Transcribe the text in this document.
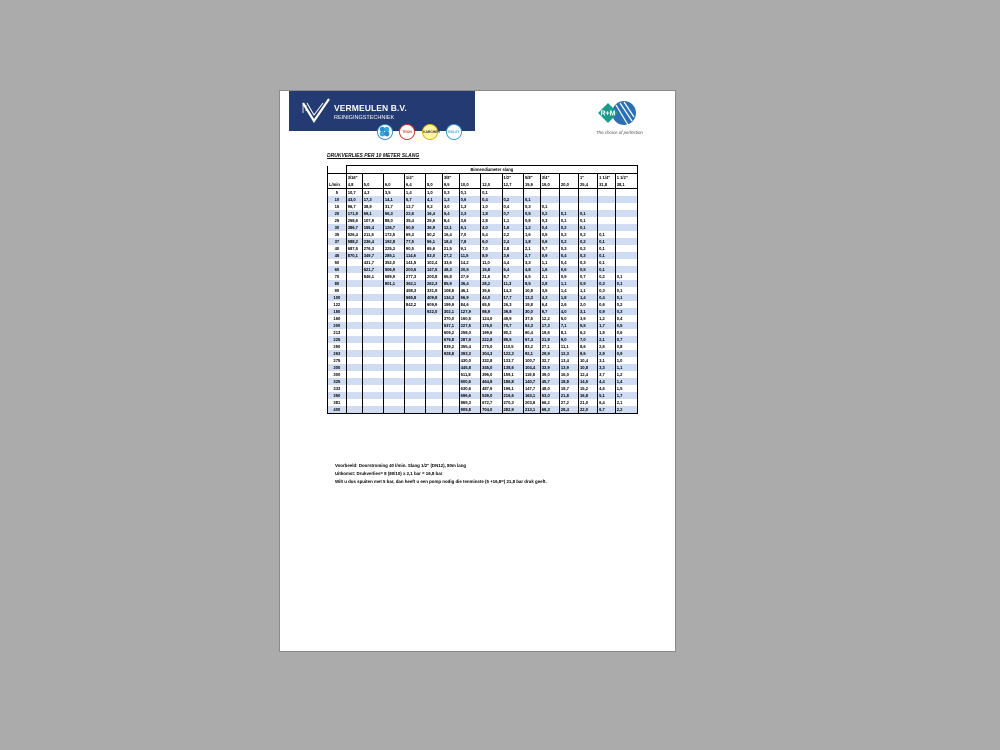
VERMEULEN B.V.
REINIGINGSTECHNIEK
TRON	KARCHER	RIO-ET
R+M
The choice of perfection
DRUKVERLIES PER 10 METER SLANG
	Binnendiameter slang														
	3/16"			1/4"		3/8"			1/2"	5/8"	3/4"		1"	1 1/4"	1 1/2"
L/min	4,8	5,0	6,0	6,4	8,0	9,5	10,0	12,0	12,7	15,9	19,0	20,0	25,4	31,8	38,1
5	10,7	4,3	3,5	1,4	1,0	0,3	0,1	0,1							
10	43,0	17,3	14,1	5,7	4,1	1,3	0,6	0,4	0,2	0,1					
15	96,7	38,9	31,7	12,7	9,2	3,0	1,3	1,0	0,4	0,3	0,1				
20	171,9	69,1	56,3	22,6	16,4	5,4	2,3	1,8	0,7	0,5	0,2	0,1	0,1		
25	268,6	107,9	88,0	35,4	25,6	8,4	3,6	2,8	1,1	0,8	0,3	0,1	0,1		
30	386,7	155,4	126,7	50,9	36,9	12,1	5,1	4,0	1,6	1,2	0,4	0,2	0,1		
35	526,4	211,5	172,5	69,3	50,2	16,4	7,0	5,4	2,2	1,6	0,5	0,2	0,2	0,1	
37	588,2	236,4	192,8	77,5	56,1	18,4	7,8	6,0	2,4	1,8	0,6	0,2	0,2	0,1	
40	687,5	276,3	225,3	90,5	65,6	21,5	9,1	7,0	2,8	2,1	0,7	0,3	0,2	0,1	
45	870,1	349,7	285,1	114,6	83,0	27,2	11,5	8,9	3,6	2,7	0,9	0,4	0,3	0,1	
50		431,7	352,0	141,5	102,4	33,6	14,2	11,0	4,4	3,3	1,1	0,4	0,3	0,1	
60		621,7	506,9	203,6	147,5	48,3	20,5	15,8	6,4	4,8	1,6	0,6	0,5	0,1	
70		846,1	689,9	277,3	200,8	65,8	27,9	21,6	8,7	6,5	2,1	0,9	0,7	0,2	0,1
80			901,1	362,1	262,3	85,9	36,4	28,2	11,3	8,5	2,8	1,1	0,9	0,3	0,1
90				458,3	331,9	108,8	46,1	35,6	14,3	10,8	3,5	1,4	1,1	0,3	0,1
100				565,8	409,8	134,3	56,9	44,0	17,7	13,3	4,3	1,8	1,4	0,4	0,1
122				842,2	609,9	199,9	84,6	65,5	26,3	19,8	6,4	2,6	2,0	0,6	0,2
150					922,0	302,1	127,9	98,9	39,8	30,0	9,7	4,0	3,1	0,9	0,3
160						370,0	160,5	124,0	49,9	37,6	12,2	5,0	3,9	1,2	0,4
200						537,1	227,5	176,0	70,7	53,3	17,3	7,1	5,5	1,7	0,5
213						609,2	258,0	199,6	80,2	60,4	19,6	8,1	6,2	1,9	0,6
225						679,8	287,9	222,8	89,5	67,4	21,9	9,0	7,0	2,1	0,7
250						839,2	355,4	275,0	110,5	83,2	27,1	11,1	8,6	2,6	0,8
263						928,8	393,3	304,3	122,3	92,1	29,9	12,3	9,5	2,9	0,9
275							430,0	332,8	133,7	100,7	32,7	13,4	10,4	3,1	1,0
300							445,8	345,0	138,6	104,4	33,9	13,9	10,8	3,3	1,1
300							511,8	396,0	159,1	119,8	39,0	16,0	12,4	3,7	1,2
325							600,6	464,8	186,8	140,7	45,7	18,8	14,5	4,4	1,4
333							630,6	487,9	196,1	147,7	48,0	19,7	15,2	4,6	1,5
350							696,6	539,0	216,6	163,1	53,0	21,8	16,8	5,1	1,7
381							869,3	672,7	270,3	203,6	66,2	27,2	21,0	6,4	2,1
400							909,8	704,0	282,9	213,1	69,3	28,4	22,0	6,7	2,2
Voorbeeld: Doorstroming 40 l/min. Slang 1/2" (DN12), 80m lang
Uitkomst: Drukverlies= 8 (80/10) x 2,1 bar = 16,8 bar
Wilt u dus spuiten met 5 bar, dan heeft u een pomp nodig die tenminste (5 +16,8=) 21,8 bar druk geeft.
